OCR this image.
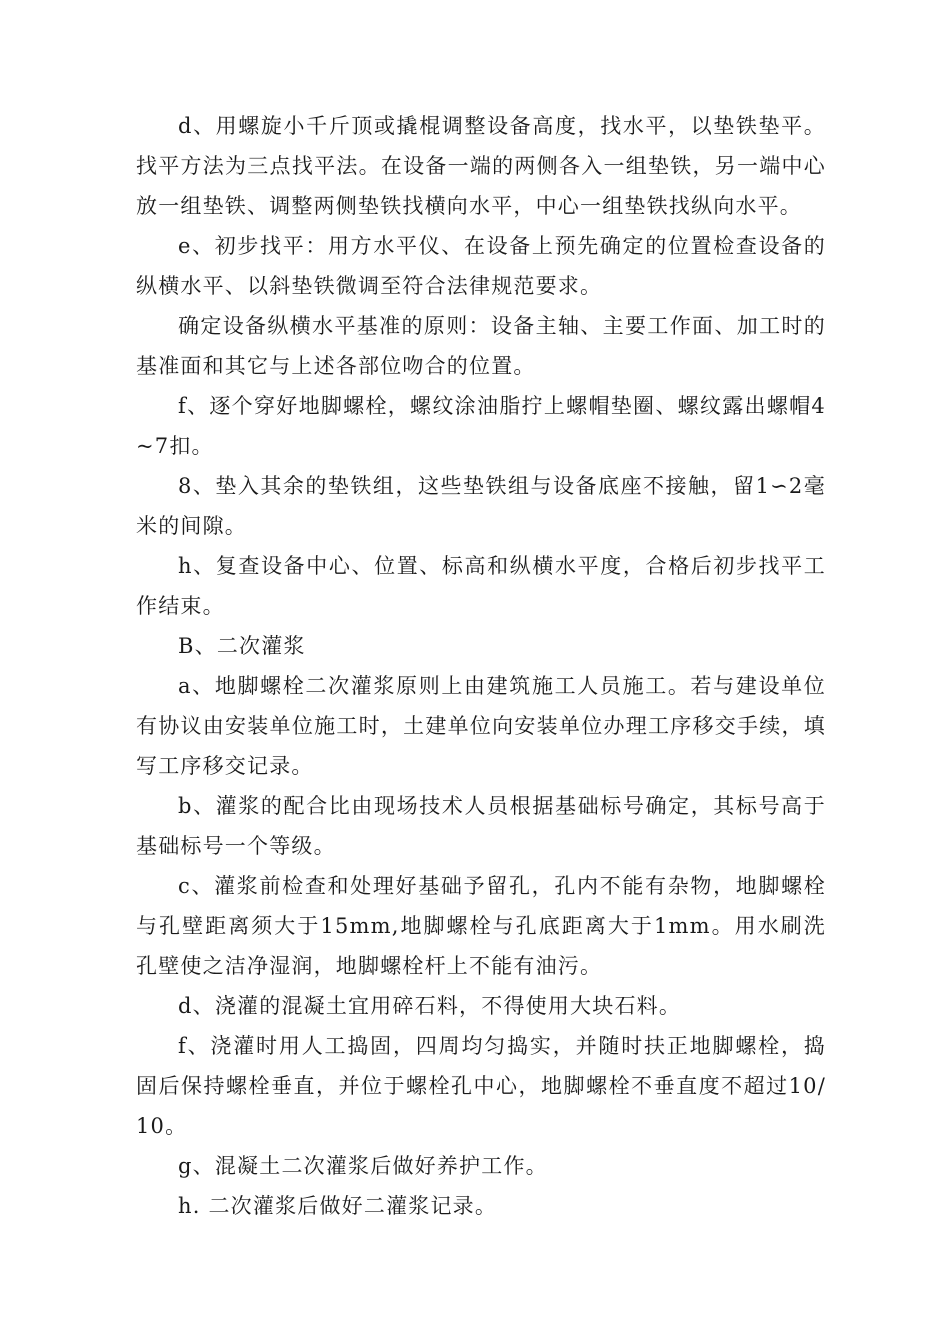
d、用螺旋小千斤顶或撬棍调整设备高度，找水平，以垫铁垫平。找平方法为三点找平法。在设备一端的两侧各入一组垫铁，另一端中心放一组垫铁、调整两侧垫铁找横向水平，中心一组垫铁找纵向水平。

e、初步找平：用方水平仪、在设备上预先确定的位置检查设备的纵横水平、以斜垫铁微调至符合法律规范要求。

确定设备纵横水平基准的原则：设备主轴、主要工作面、加工时的基准面和其它与上述各部位吻合的位置。

f、逐个穿好地脚螺栓，螺纹涂油脂拧上螺帽垫圈、螺纹露出螺帽4~7扣。

8、垫入其余的垫铁组，这些垫铁组与设备底座不接触，留1∽2毫米的间隙。

h、复查设备中心、位置、标高和纵横水平度，合格后初步找平工作结束。

B、二次灌浆

a、地脚螺栓二次灌浆原则上由建筑施工人员施工。若与建设单位有协议由安装单位施工时，土建单位向安装单位办理工序移交手续，填写工序移交记录。

b、灌浆的配合比由现场技术人员根据基础标号确定，其标号高于基础标号一个等级。

c、灌浆前检查和处理好基础予留孔，孔内不能有杂物，地脚螺栓与孔壁距离须大于15mm,地脚螺栓与孔底距离大于1mm。用水刷洗孔壁使之洁净湿润，地脚螺栓杆上不能有油污。

d、浇灌的混凝土宜用碎石料，不得使用大块石料。

f、浇灌时用人工捣固，四周均匀捣实，并随时扶正地脚螺栓，捣固后保持螺栓垂直，并位于螺栓孔中心，地脚螺栓不垂直度不超过10/10。

g、混凝土二次灌浆后做好养护工作。

h. 二次灌浆后做好二灌浆记录。
